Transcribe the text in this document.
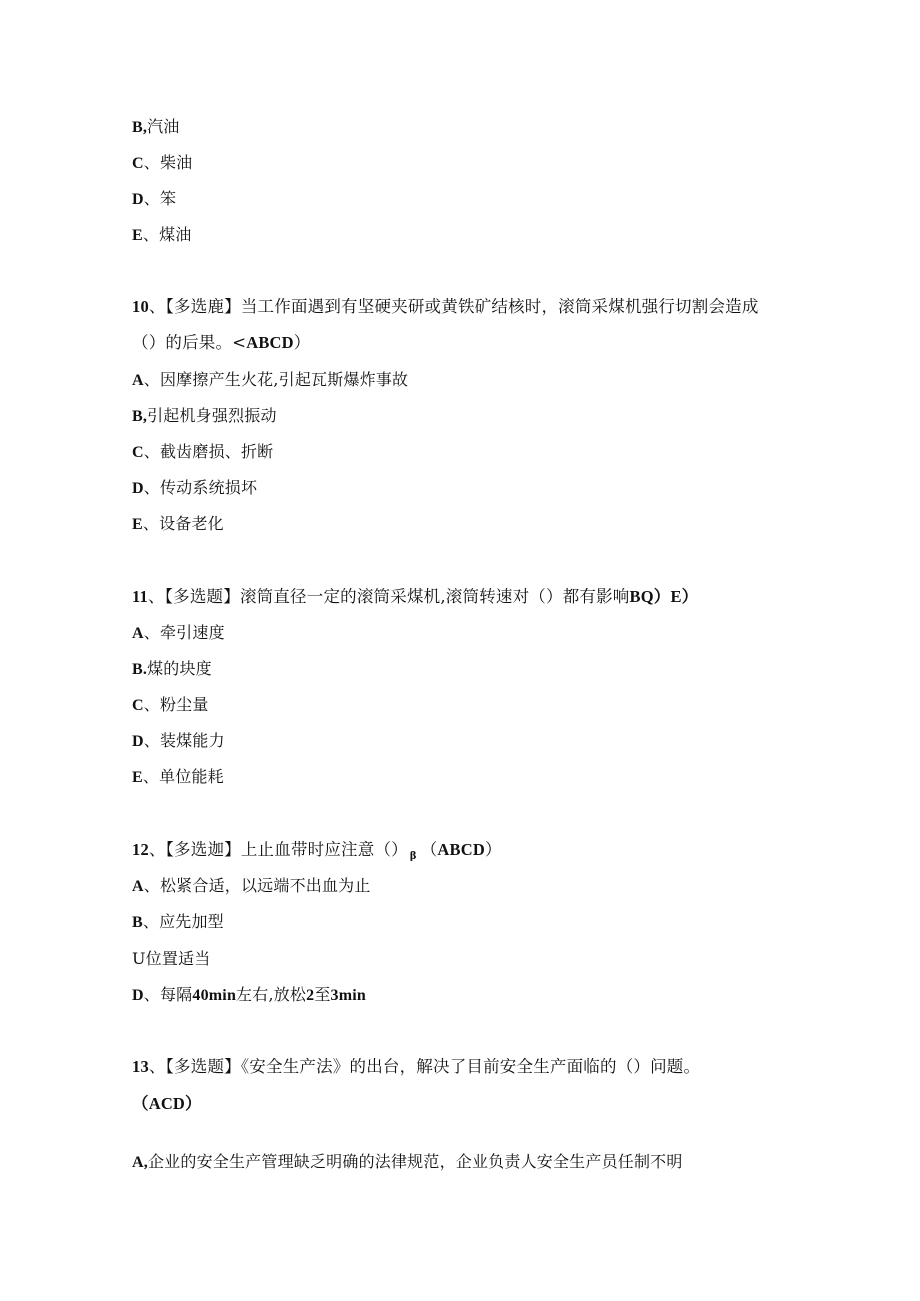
B,汽油
C、柴油
D、笨
E、煤油
10、【多选鹿】当工作面遇到有坚硬夹研或黄铁矿结核时，滚筒采煤机强行切割会造成
（）的后果。<ABCD）
A、因摩擦产生火花,引起瓦斯爆炸事故
B,引起机身强烈振动
C、截齿磨损、折断
D、传动系统损坏
E、设备老化
11、【多选题】滚筒直径一定的滚筒采煤机,滚筒转速对（）都有影响BQ）E）
A、牵引速度
B.煤的块度
C、粉尘量
D、装煤能力
E、单位能耗
12、【多选迦】上止血带时应注意（） $_\beta$ （ABCD）
A、松紧合适，以远端不出血为止
B、应先加型
U位置适当
D、每隔40min左右,放松2至3min
13、【多选题】《安全生产法》的出台，解决了目前安全生产面临的（）问题。
（ACD）
A,企业的安全生产管理缺乏明确的法律规范，企业负责人安全生产员任制不明
